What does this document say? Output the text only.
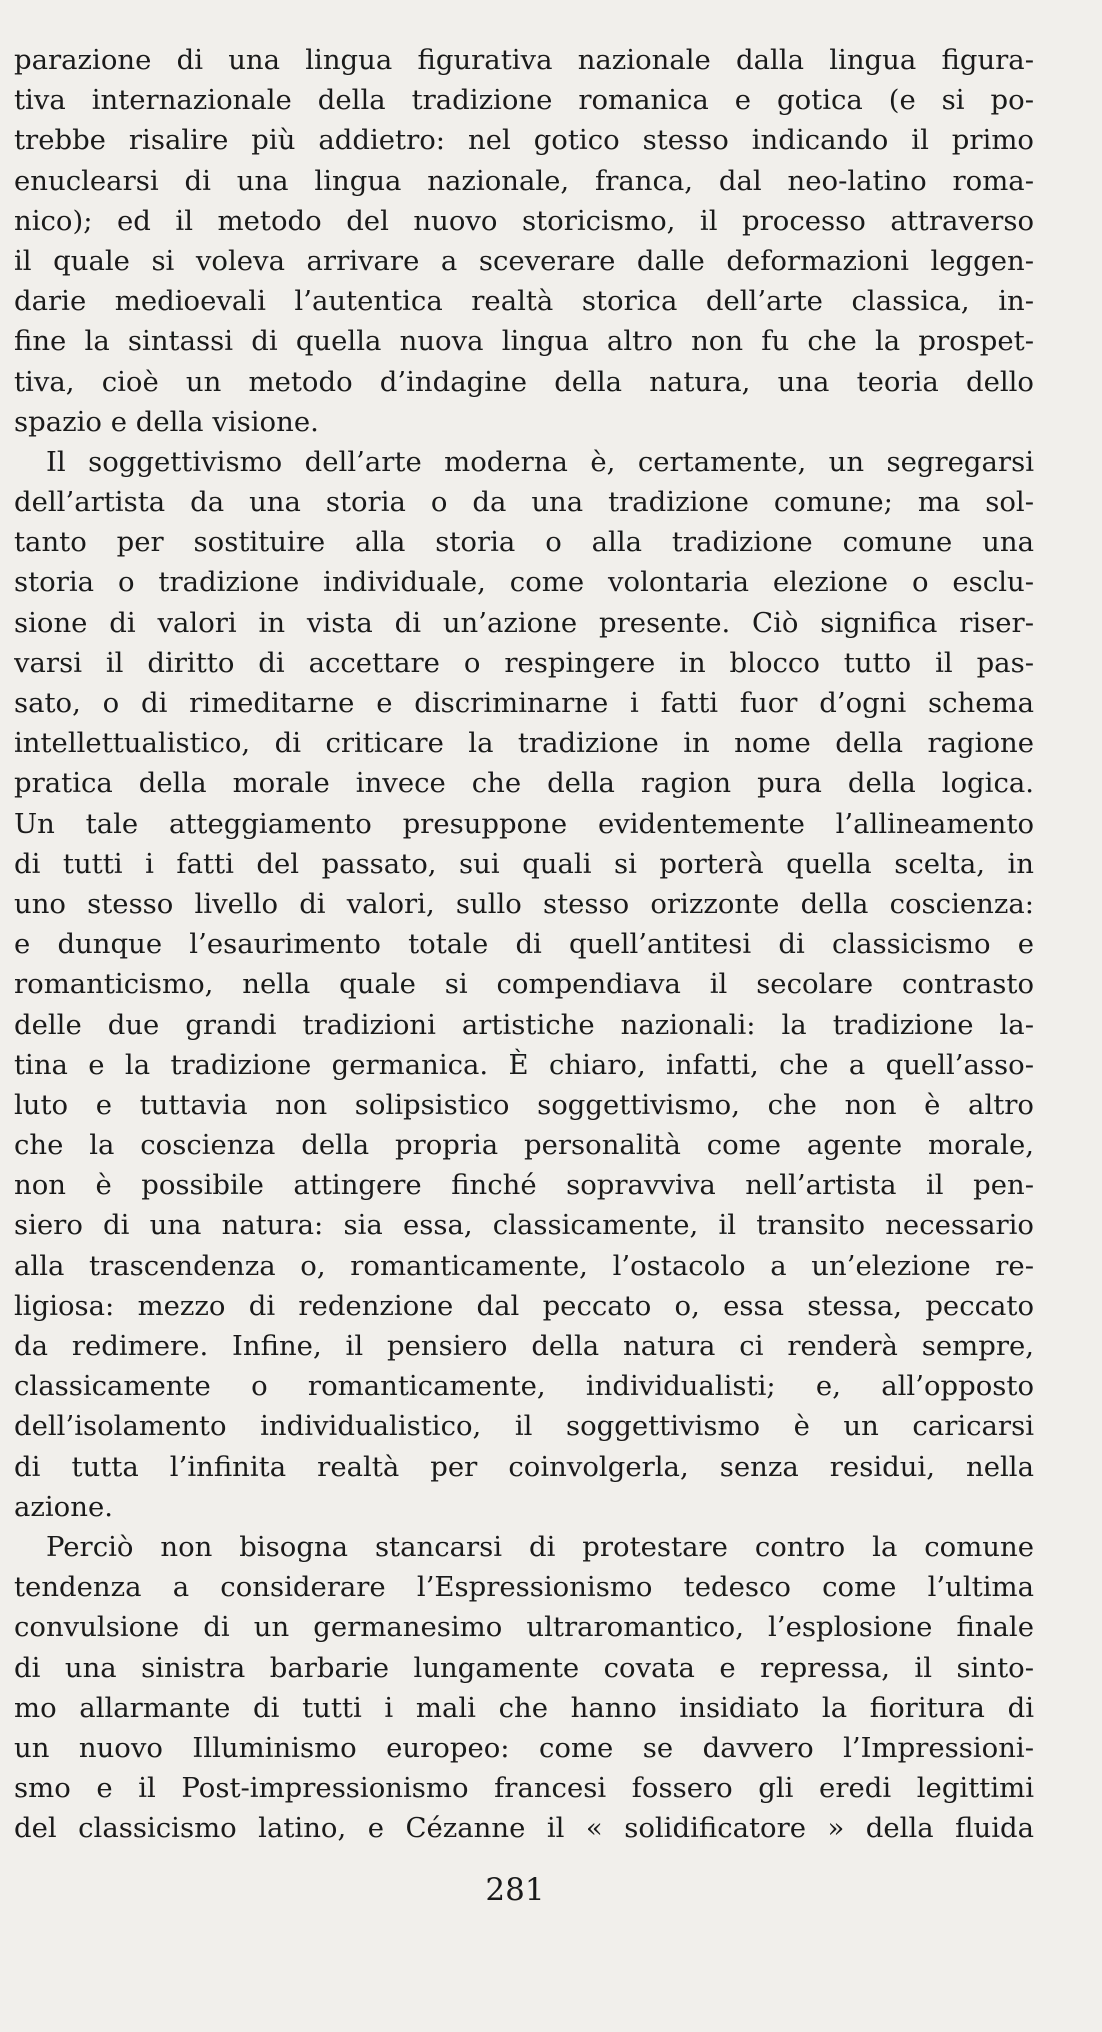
parazione di una lingua figurativa nazionale dalla lingua figura-
tiva internazionale della tradizione romanica e gotica (e si po-
trebbe risalire più addietro: nel gotico stesso indicando il primo
enuclearsi di una lingua nazionale, franca, dal neo-latino roma-
nico); ed il metodo del nuovo storicismo, il processo attraverso
il quale si voleva arrivare a sceverare dalle deformazioni leggen-
darie medioevali l’autentica realtà storica dell’arte classica, in-
fine la sintassi di quella nuova lingua altro non fu che la prospet-
tiva, cioè un metodo d’indagine della natura, una teoria dello
spazio e della visione.
Il soggettivismo dell’arte moderna è, certamente, un segregarsi
dell’artista da una storia o da una tradizione comune; ma sol-
tanto per sostituire alla storia o alla tradizione comune una
storia o tradizione individuale, come volontaria elezione o esclu-
sione di valori in vista di un’azione presente. Ciò significa riser-
varsi il diritto di accettare o respingere in blocco tutto il pas-
sato, o di rimeditarne e discriminarne i fatti fuor d’ogni schema
intellettualistico, di criticare la tradizione in nome della ragione
pratica della morale invece che della ragion pura della logica.
Un tale atteggiamento presuppone evidentemente l’allineamento
di tutti i fatti del passato, sui quali si porterà quella scelta, in
uno stesso livello di valori, sullo stesso orizzonte della coscienza:
e dunque l’esaurimento totale di quell’antitesi di classicismo e
romanticismo, nella quale si compendiava il secolare contrasto
delle due grandi tradizioni artistiche nazionali: la tradizione la-
tina e la tradizione germanica. È chiaro, infatti, che a quell’asso-
luto e tuttavia non solipsistico soggettivismo, che non è altro
che la coscienza della propria personalità come agente morale,
non è possibile attingere finché sopravviva nell’artista il pen-
siero di una natura: sia essa, classicamente, il transito necessario
alla trascendenza o, romanticamente, l’ostacolo a un’elezione re-
ligiosa: mezzo di redenzione dal peccato o, essa stessa, peccato
da redimere. Infine, il pensiero della natura ci renderà sempre,
classicamente o romanticamente, individualisti; e, all’opposto
dell’isolamento individualistico, il soggettivismo è un caricarsi
di tutta l’infinita realtà per coinvolgerla, senza residui, nella
azione.
Perciò non bisogna stancarsi di protestare contro la comune
tendenza a considerare l’Espressionismo tedesco come l’ultima
convulsione di un germanesimo ultraromantico, l’esplosione finale
di una sinistra barbarie lungamente covata e repressa, il sinto-
mo allarmante di tutti i mali che hanno insidiato la fioritura di
un nuovo Illuminismo europeo: come se davvero l’Impressioni-
smo e il Post-impressionismo francesi fossero gli eredi legittimi
del classicismo latino, e Cézanne il « solidificatore » della fluida
281
